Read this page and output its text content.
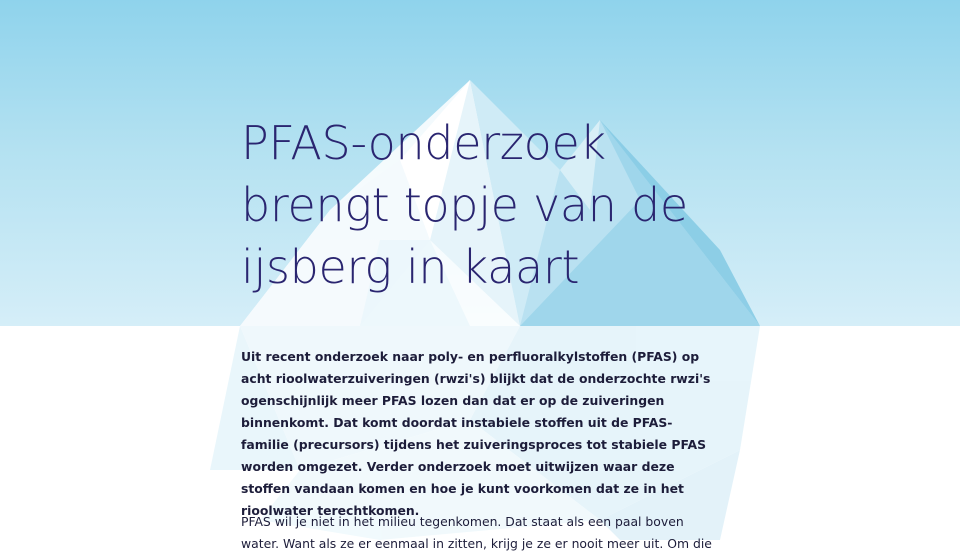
PFAS-onderzoek
brengt topje van de
ijsberg in kaart

Uit recent onderzoek naar poly- en perfluoralkylstoffen (PFAS) op acht rioolwaterzuiveringen (rwzi's) blijkt dat de onderzochte rwzi's ogenschijnlijk meer PFAS lozen dan dat er op de zuiveringen binnenkomt. Dat komt doordat instabiele stoffen uit de PFAS-familie (precursors) tijdens het zuiveringsproces tot stabiele PFAS worden omgezet. Verder onderzoek moet uitwijzen waar deze stoffen vandaan komen en hoe je kunt voorkomen dat ze in het rioolwater terechtkomen.

PFAS wil je niet in het milieu tegenkomen. Dat staat als een paal boven water. Want als ze er eenmaal in zitten, krijg je ze er nooit meer uit. Om die
